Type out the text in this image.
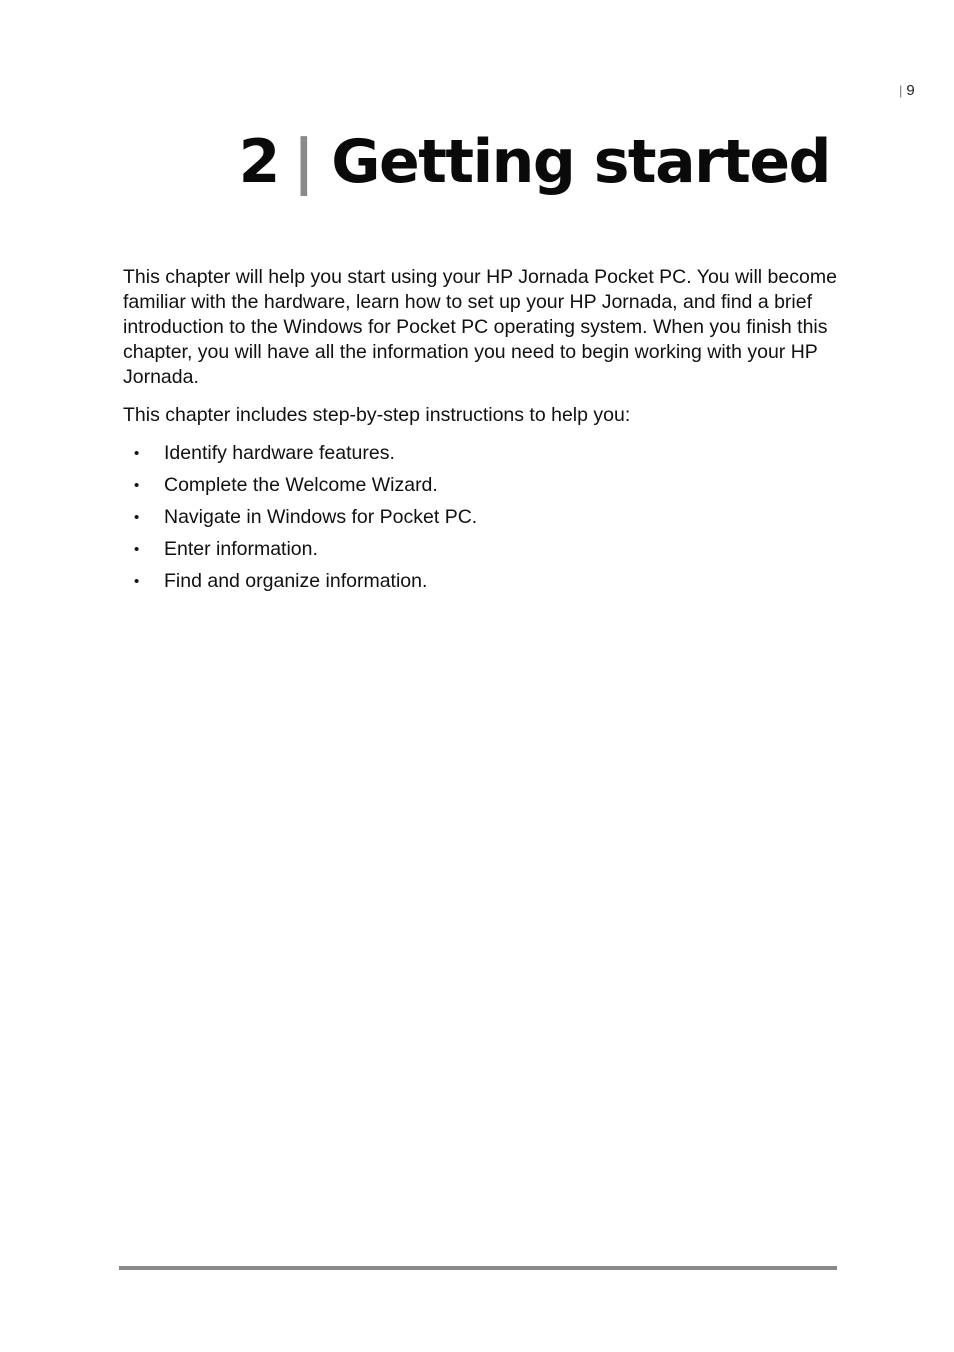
| 9
2 | Getting started

This chapter will help you start using your HP Jornada Pocket PC. You will become familiar with the hardware, learn how to set up your HP Jornada, and find a brief introduction to the Windows for Pocket PC operating system. When you finish this chapter, you will have all the information you need to begin working with your HP Jornada.

This chapter includes step-by-step instructions to help you:

• Identify hardware features.
• Complete the Welcome Wizard.
• Navigate in Windows for Pocket PC.
• Enter information.
• Find and organize information.
